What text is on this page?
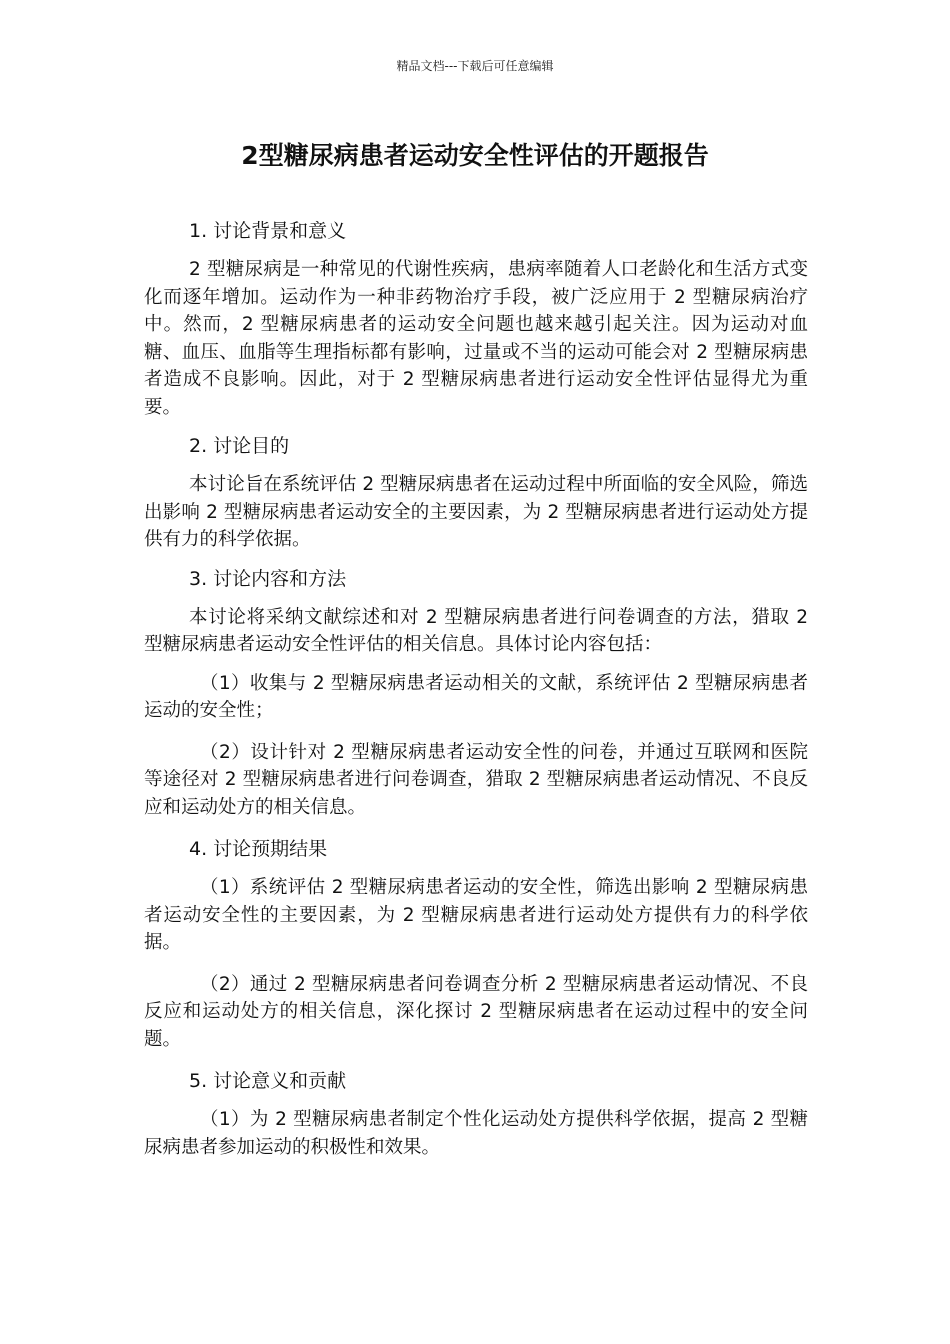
精品文档---下载后可任意编辑
2型糖尿病患者运动安全性评估的开题报告
1. 讨论背景和意义
2 型糖尿病是一种常见的代谢性疾病，患病率随着人口老龄化和生活方式变化而逐年增加。运动作为一种非药物治疗手段，被广泛应用于 2 型糖尿病治疗中。然而，2 型糖尿病患者的运动安全问题也越来越引起关注。因为运动对血糖、血压、血脂等生理指标都有影响，过量或不当的运动可能会对 2 型糖尿病患者造成不良影响。因此，对于 2 型糖尿病患者进行运动安全性评估显得尤为重要。
2. 讨论目的
本讨论旨在系统评估 2 型糖尿病患者在运动过程中所面临的安全风险，筛选出影响 2 型糖尿病患者运动安全的主要因素，为 2 型糖尿病患者进行运动处方提供有力的科学依据。
3. 讨论内容和方法
本讨论将采纳文献综述和对 2 型糖尿病患者进行问卷调查的方法，猎取 2 型糖尿病患者运动安全性评估的相关信息。具体讨论内容包括：
（1）收集与 2 型糖尿病患者运动相关的文献，系统评估 2 型糖尿病患者运动的安全性；
（2）设计针对 2 型糖尿病患者运动安全性的问卷，并通过互联网和医院等途径对 2 型糖尿病患者进行问卷调查，猎取 2 型糖尿病患者运动情况、不良反应和运动处方的相关信息。
4. 讨论预期结果
（1）系统评估 2 型糖尿病患者运动的安全性，筛选出影响 2 型糖尿病患者运动安全性的主要因素，为 2 型糖尿病患者进行运动处方提供有力的科学依据。
（2）通过 2 型糖尿病患者问卷调查分析 2 型糖尿病患者运动情况、不良反应和运动处方的相关信息，深化探讨 2 型糖尿病患者在运动过程中的安全问题。
5. 讨论意义和贡献
（1）为 2 型糖尿病患者制定个性化运动处方提供科学依据，提高 2 型糖尿病患者参加运动的积极性和效果。
